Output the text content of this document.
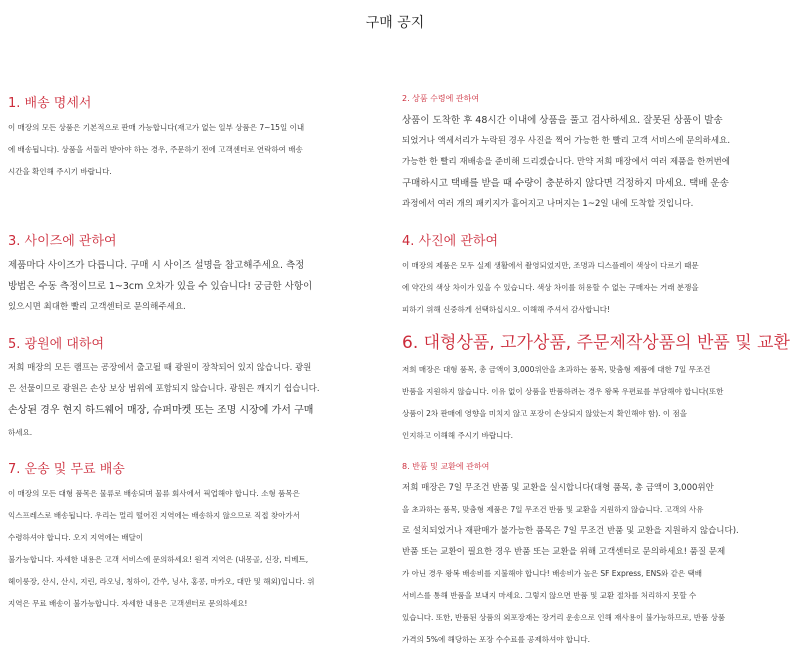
구매 공지
1. 배송 명세서
이 매장의 모든 상품은 기본적으로 판매 가능합니다(재고가 없는 일부 상품은 7~15일 이내
에 배송됩니다). 상품을 서둘러 받아야 하는 경우, 주문하기 전에 고객센터로 연락하여 배송
시간을 확인해 주시기 바랍니다.
2. 상품 수령에 관하여
상품이 도착한 후 48시간 이내에 상품을 풀고 검사하세요. 잘못된 상품이 발송
되었거나 액세서리가 누락된 경우 사진을 찍어 가능한 한 빨리 고객 서비스에 문의하세요.
가능한 한 빨리 재배송을 준비해 드리겠습니다. 만약 저희 매장에서 여러 제품을 한꺼번에
구매하시고 택배를 받을 때 수량이 충분하지 않다면 걱정하지 마세요. 택배 운송
과정에서 여러 개의 패키지가 흩어지고 나머지는 1~2일 내에 도착할 것입니다.
3. 사이즈에 관하여
제품마다 사이즈가 다릅니다. 구매 시 사이즈 설명을 참고해주세요. 측정
방법은 수동 측정이므로 1~3cm 오차가 있을 수 있습니다! 궁금한 사항이
있으시면 최대한 빨리 고객센터로 문의해주세요.
4. 사진에 관하여
이 매장의 제품은 모두 실제 생활에서 촬영되었지만, 조명과 디스플레이 색상이 다르기 때문
에 약간의 색상 차이가 있을 수 있습니다. 색상 차이를 허용할 수 없는 구매자는 거래 분쟁을
피하기 위해 신중하게 선택하십시오. 이해해 주셔서 감사합니다!
5. 광원에 대하여
저희 매장의 모든 램프는 공장에서 출고될 때 광원이 장착되어 있지 않습니다. 광원
은 선물이므로 광원은 손상 보상 범위에 포함되지 않습니다. 광원은 깨지기 쉽습니다.
손상된 경우 현지 하드웨어 매장, 슈퍼마켓 또는 조명 시장에 가서 구매
하세요.
6. 대형상품, 고가상품, 주문제작상품의 반품 및 교환
저희 매장은 대형 품목, 총 금액이 3,000위안을 초과하는 품목, 맞춤형 제품에 대한 7일 무조건
반품을 지원하지 않습니다. 이유 없이 상품을 반품하려는 경우 왕복 우편료를 부담해야 합니다(또한
상품이 2차 판매에 영향을 미치지 않고 포장이 손상되지 않았는지 확인해야 함). 이 점을
인지하고 이해해 주시기 바랍니다.
7. 운송 및 무료 배송
이 매장의 모든 대형 품목은 물류로 배송되며 물류 회사에서 픽업해야 합니다. 소형 품목은
익스프레스로 배송됩니다. 우리는 멀리 떨어진 지역에는 배송하지 않으므로 직접 찾아가서
수령하셔야 합니다. 오지 지역에는 배달이
불가능합니다. 자세한 내용은 고객 서비스에 문의하세요! 원격 지역은 (내몽골, 신장, 티베트,
헤이룽장, 산시, 산시, 지린, 라오닝, 칭하이, 간쑤, 닝샤, 홍콩, 마카오, 대만 및 해외)입니다. 위
지역은 무료 배송이 불가능합니다. 자세한 내용은 고객센터로 문의하세요!
8. 반품 및 교환에 관하여
저희 매장은 7일 무조건 반품 및 교환을 실시합니다(대형 품목, 총 금액이 3,000위안
을 초과하는 품목, 맞춤형 제품은 7일 무조건 반품 및 교환을 지원하지 않습니다. 고객의 사유
로 설치되었거나 재판매가 불가능한 품목은 7일 무조건 반품 및 교환을 지원하지 않습니다).
반품 또는 교환이 필요한 경우 반품 또는 교환을 위해 고객센터로 문의하세요! 품질 문제
가 아닌 경우 왕복 배송비를 지불해야 합니다! 배송비가 높은 SF Express, ENS와 같은 택배
서비스를 통해 반품을 보내지 마세요. 그렇지 않으면 반품 및 교환 절차를 처리하지 못할 수
있습니다. 또한, 반품된 상품의 외포장재는 장거리 운송으로 인해 재사용이 불가능하므로, 반품 상품
가격의 5%에 해당하는 포장 수수료를 공제하셔야 합니다.
